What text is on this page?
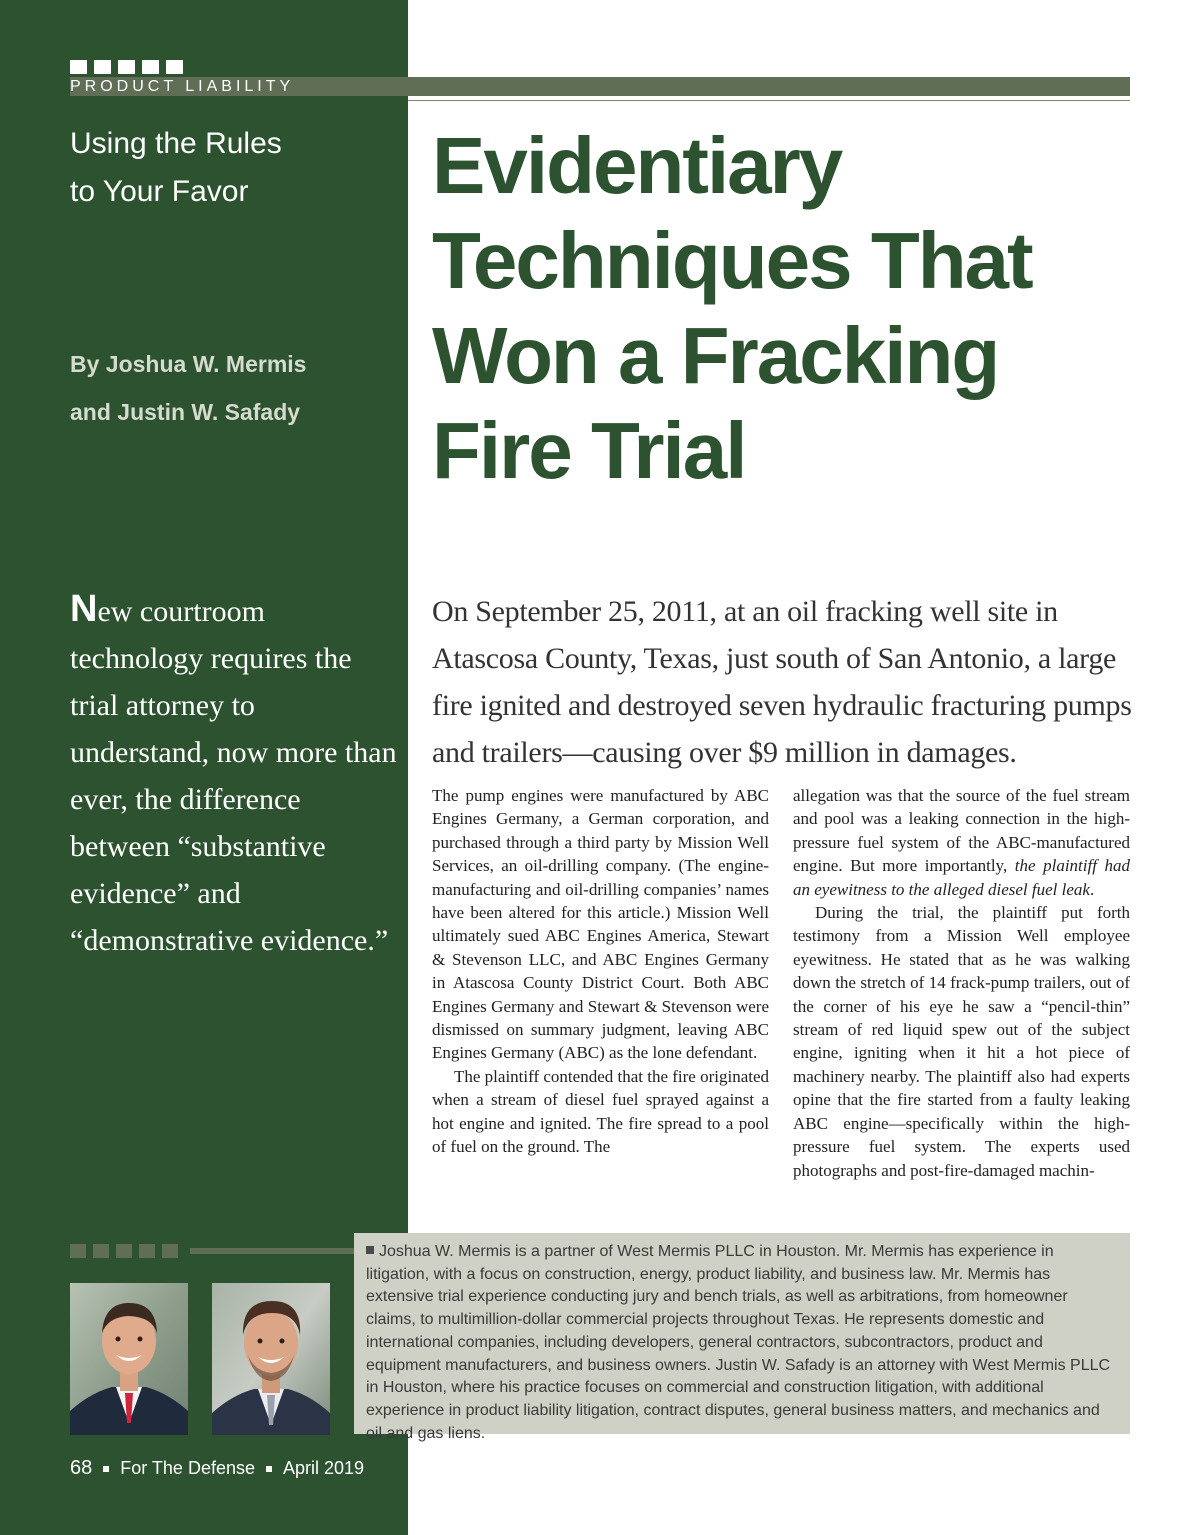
PRODUCT LIABILITY
Using the Rules
to Your Favor
By Joshua W. Mermis
and Justin W. Safady
Evidentiary
Techniques That
Won a Fracking
Fire Trial

New courtroom technology requires the trial attorney to understand, now more than ever, the difference between “substantive evidence” and “demonstrative evidence.”

On September 25, 2011, at an oil fracking well site in Atascosa County, Texas, just south of San Antonio, a large fire ignited and destroyed seven hydraulic fracturing pumps and trailers—causing over $9 million in damages.

The pump engines were manufactured by ABC Engines Germany, a German corporation, and purchased through a third party by Mission Well Services, an oil-drilling company. (The engine-manufacturing and oil-drilling companies’ names have been altered for this article.) Mission Well ultimately sued ABC Engines America, Stewart & Stevenson LLC, and ABC Engines Germany in Atascosa County District Court. Both ABC Engines Germany and Stewart & Stevenson were dismissed on summary judgment, leaving ABC Engines Germany (ABC) as the lone defendant.

The plaintiff contended that the fire originated when a stream of diesel fuel sprayed against a hot engine and ignited. The fire spread to a pool of fuel on the ground. The

allegation was that the source of the fuel stream and pool was a leaking connection in the high-pressure fuel system of the ABC-manufactured engine. But more importantly, the plaintiff had an eyewitness to the alleged diesel fuel leak.

During the trial, the plaintiff put forth testimony from a Mission Well employee eyewitness. He stated that as he was walking down the stretch of 14 frack-pump trailers, out of the corner of his eye he saw a “pencil-thin” stream of red liquid spew out of the subject engine, igniting when it hit a hot piece of machinery nearby. The plaintiff also had experts opine that the fire started from a faulty leaking ABC engine—specifically within the high-pressure fuel system. The experts used photographs and post-fire-damaged machin-

Joshua W. Mermis is a partner of West Mermis PLLC in Houston. Mr. Mermis has experience in litigation, with a focus on construction, energy, product liability, and business law. Mr. Mermis has extensive trial experience conducting jury and bench trials, as well as arbitrations, from homeowner claims, to multimillion-dollar commercial projects throughout Texas. He represents domestic and international companies, including developers, general contractors, subcontractors, product and equipment manufacturers, and business owners. Justin W. Safady is an attorney with West Mermis PLLC in Houston, where his practice focuses on commercial and construction litigation, with additional experience in product liability litigation, contract disputes, general business matters, and mechanics and oil and gas liens.

68 For The Defense April 2019
